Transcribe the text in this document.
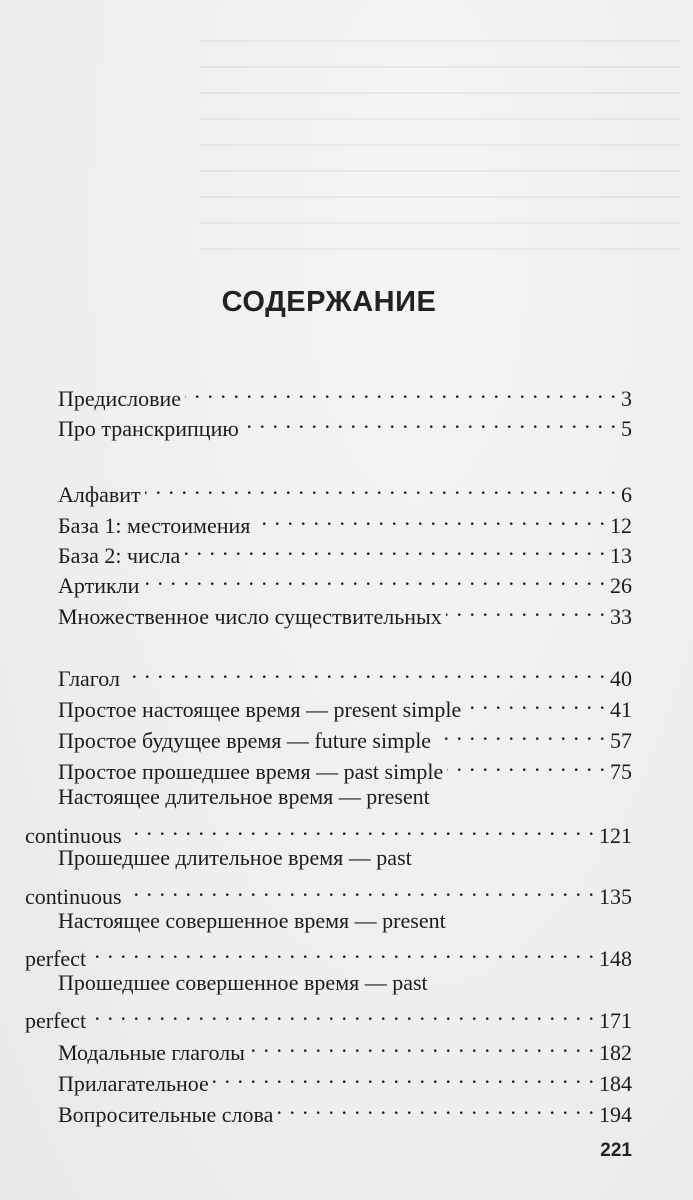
СОДЕРЖАНИЕ
Предисловие . . .	3
Про транскрипцию . . .	5
Алфавит . . .	6
База 1: местоимения . . .	12
База 2: числа . . .	13
Артикли . . .	26
Множественное число существительных . . .	33
Глагол . . .	40
Простое настоящее время — present simple . . .	41
Простое будущее время — future simple . . .	57
Простое прошедшее время — past simple . . .	75
Настоящее длительное время — present
continuous . . .	121
Прошедшее длительное время — past
continuous . . .	135
Настоящее совершенное время — present
perfect . . .	148
Прошедшее совершенное время — past
perfect . . .	171
Модальные глаголы . . .	182
Прилагательное . . .	184
Вопросительные слова . . .	194
221
